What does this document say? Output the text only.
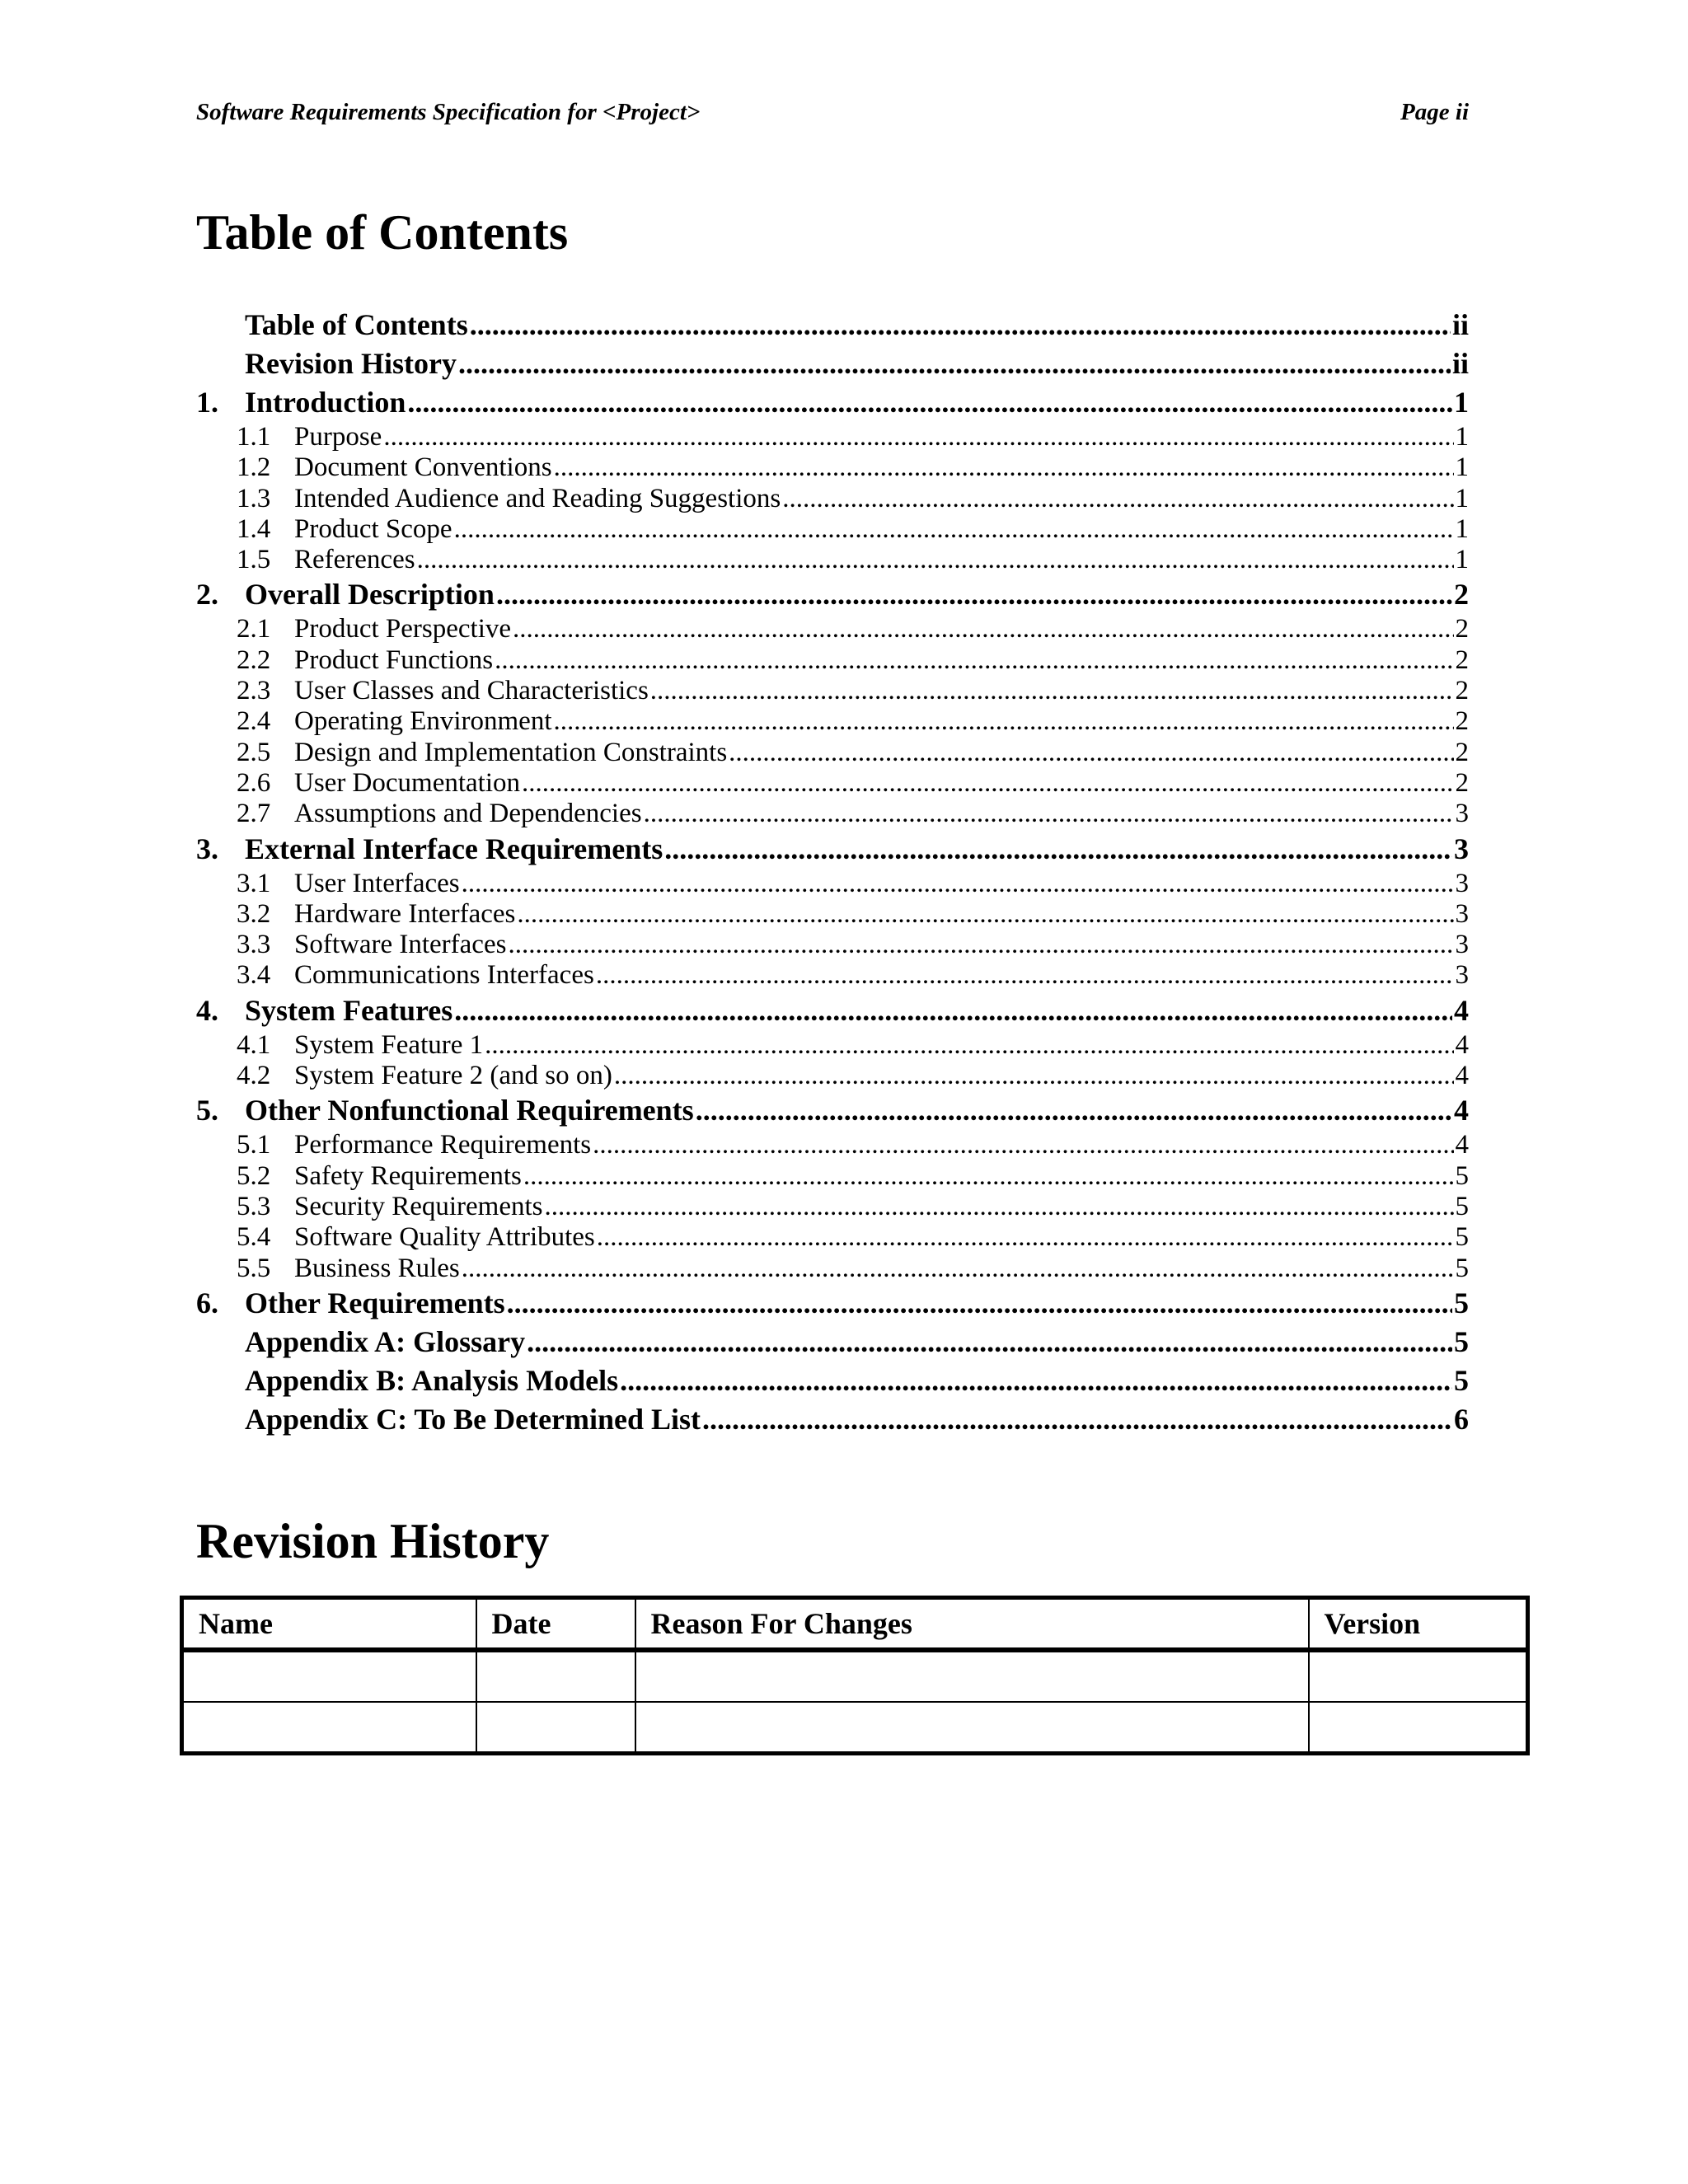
Software Requirements Specification for <Project>	Page ii
Table of Contents
Table of Contents .....	ii
Revision History .....	ii
1. Introduction .....	1
1.1 Purpose .....	1
1.2 Document Conventions .....	1
1.3 Intended Audience and Reading Suggestions .....	1
1.4 Product Scope .....	1
1.5 References .....	1
2. Overall Description .....	2
2.1 Product Perspective .....	2
2.2 Product Functions .....	2
2.3 User Classes and Characteristics .....	2
2.4 Operating Environment .....	2
2.5 Design and Implementation Constraints .....	2
2.6 User Documentation .....	2
2.7 Assumptions and Dependencies .....	3
3. External Interface Requirements .....	3
3.1 User Interfaces .....	3
3.2 Hardware Interfaces .....	3
3.3 Software Interfaces .....	3
3.4 Communications Interfaces .....	3
4. System Features .....	4
4.1 System Feature 1 .....	4
4.2 System Feature 2 (and so on) .....	4
5. Other Nonfunctional Requirements .....	4
5.1 Performance Requirements .....	4
5.2 Safety Requirements .....	5
5.3 Security Requirements .....	5
5.4 Software Quality Attributes .....	5
5.5 Business Rules .....	5
6. Other Requirements .....	5
Appendix A: Glossary .....	5
Appendix B: Analysis Models .....	5
Appendix C: To Be Determined List .....	6
Revision History
Name	Date	Reason For Changes	Version
